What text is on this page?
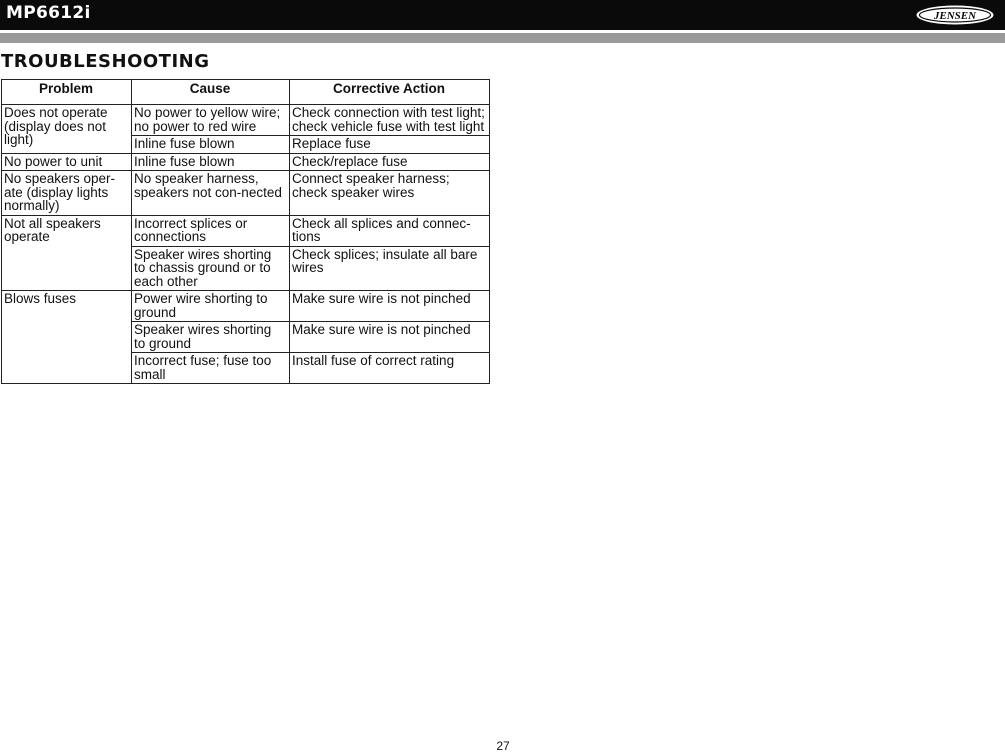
MP6612i	JENSEN
TROUBLESHOOTING
Problem	Cause	Corrective Action
Does not operate (display does not light)	No power to yellow wire; no power to red wire	Check connection with test light; check vehicle fuse with test light
	Inline fuse blown	Replace fuse
No power to unit	Inline fuse blown	Check/replace fuse
No speakers oper-ate (display lights normally)	No speaker harness, speakers not con-nected	Connect speaker harness; check speaker wires
Not all speakers operate	Incorrect splices or connections	Check all splices and connec-tions
	Speaker wires shorting to chassis ground or to each other	Check splices; insulate all bare wires
Blows fuses	Power wire shorting to ground	Make sure wire is not pinched
	Speaker wires shorting to ground	Make sure wire is not pinched
	Incorrect fuse; fuse too small	Install fuse of correct rating
27
